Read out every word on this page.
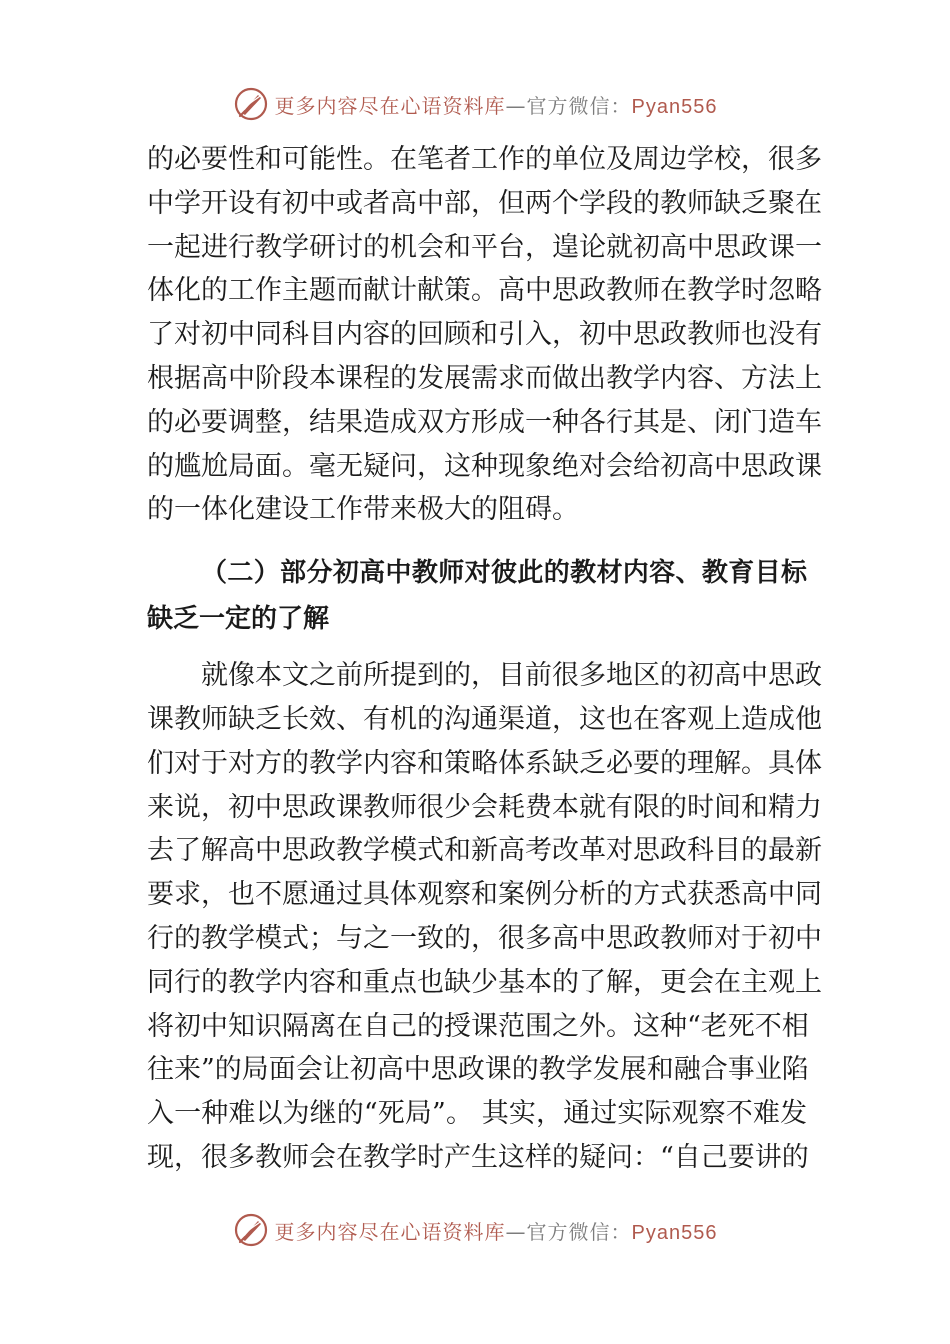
更多内容尽在心语资料库—官方微信：Pyan556
的必要性和可能性。在笔者工作的单位及周边学校，很多
中学开设有初中或者高中部，但两个学段的教师缺乏聚在
一起进行教学研讨的机会和平台，遑论就初高中思政课一
体化的工作主题而献计献策。高中思政教师在教学时忽略
了对初中同科目内容的回顾和引入，初中思政教师也没有
根据高中阶段本课程的发展需求而做出教学内容、方法上
的必要调整，结果造成双方形成一种各行其是、闭门造车
的尴尬局面。毫无疑问，这种现象绝对会给初高中思政课
的一体化建设工作带来极大的阻碍。
（二）部分初高中教师对彼此的教材内容、教育目标
缺乏一定的了解
就像本文之前所提到的，目前很多地区的初高中思政
课教师缺乏长效、有机的沟通渠道，这也在客观上造成他
们对于对方的教学内容和策略体系缺乏必要的理解。具体
来说，初中思政课教师很少会耗费本就有限的时间和精力
去了解高中思政教学模式和新高考改革对思政科目的最新
要求，也不愿通过具体观察和案例分析的方式获悉高中同
行的教学模式；与之一致的，很多高中思政教师对于初中
同行的教学内容和重点也缺少基本的了解，更会在主观上
将初中知识隔离在自己的授课范围之外。这种“老死不相
往来”的局面会让初高中思政课的教学发展和融合事业陷
入一种难以为继的“死局”。 其实，通过实际观察不难发
现，很多教师会在教学时产生这样的疑问：“自己要讲的
更多内容尽在心语资料库—官方微信：Pyan556
